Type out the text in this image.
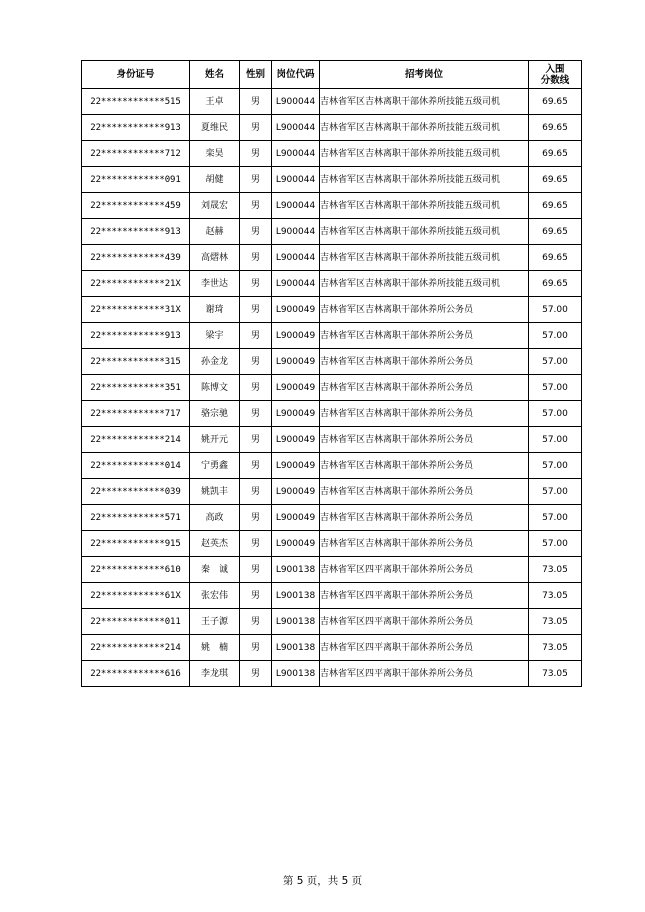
身份证号	姓名	性别	岗位代码	招考岗位	入围
分数线
22************515	王卓	男	L900044	吉林省军区吉林离职干部休养所技能五级司机	69.65
22************913	夏维民	男	L900044	吉林省军区吉林离职干部休养所技能五级司机	69.65
22************712	栾昊	男	L900044	吉林省军区吉林离职干部休养所技能五级司机	69.65
22************091	胡健	男	L900044	吉林省军区吉林离职干部休养所技能五级司机	69.65
22************459	刘晟宏	男	L900044	吉林省军区吉林离职干部休养所技能五级司机	69.65
22************913	赵赫	男	L900044	吉林省军区吉林离职干部休养所技能五级司机	69.65
22************439	高熠林	男	L900044	吉林省军区吉林离职干部休养所技能五级司机	69.65
22************21X	李世达	男	L900044	吉林省军区吉林离职干部休养所技能五级司机	69.65
22************31X	谢琦	男	L900049	吉林省军区吉林离职干部休养所公务员	57.00
22************913	梁宇	男	L900049	吉林省军区吉林离职干部休养所公务员	57.00
22************315	孙金龙	男	L900049	吉林省军区吉林离职干部休养所公务员	57.00
22************351	陈博文	男	L900049	吉林省军区吉林离职干部休养所公务员	57.00
22************717	骆宗驰	男	L900049	吉林省军区吉林离职干部休养所公务员	57.00
22************214	姚开元	男	L900049	吉林省军区吉林离职干部休养所公务员	57.00
22************014	宁勇鑫	男	L900049	吉林省军区吉林离职干部休养所公务员	57.00
22************039	姚凯丰	男	L900049	吉林省军区吉林离职干部休养所公务员	57.00
22************571	高政	男	L900049	吉林省军区吉林离职干部休养所公务员	57.00
22************915	赵英杰	男	L900049	吉林省军区吉林离职干部休养所公务员	57.00
22************610	秦　诚	男	L900138	吉林省军区四平离职干部休养所公务员	73.05
22************61X	张宏伟	男	L900138	吉林省军区四平离职干部休养所公务员	73.05
22************011	王子源	男	L900138	吉林省军区四平离职干部休养所公务员	73.05
22************214	姚　楠	男	L900138	吉林省军区四平离职干部休养所公务员	73.05
22************616	李龙琪	男	L900138	吉林省军区四平离职干部休养所公务员	73.05
第 5 页，共 5 页
